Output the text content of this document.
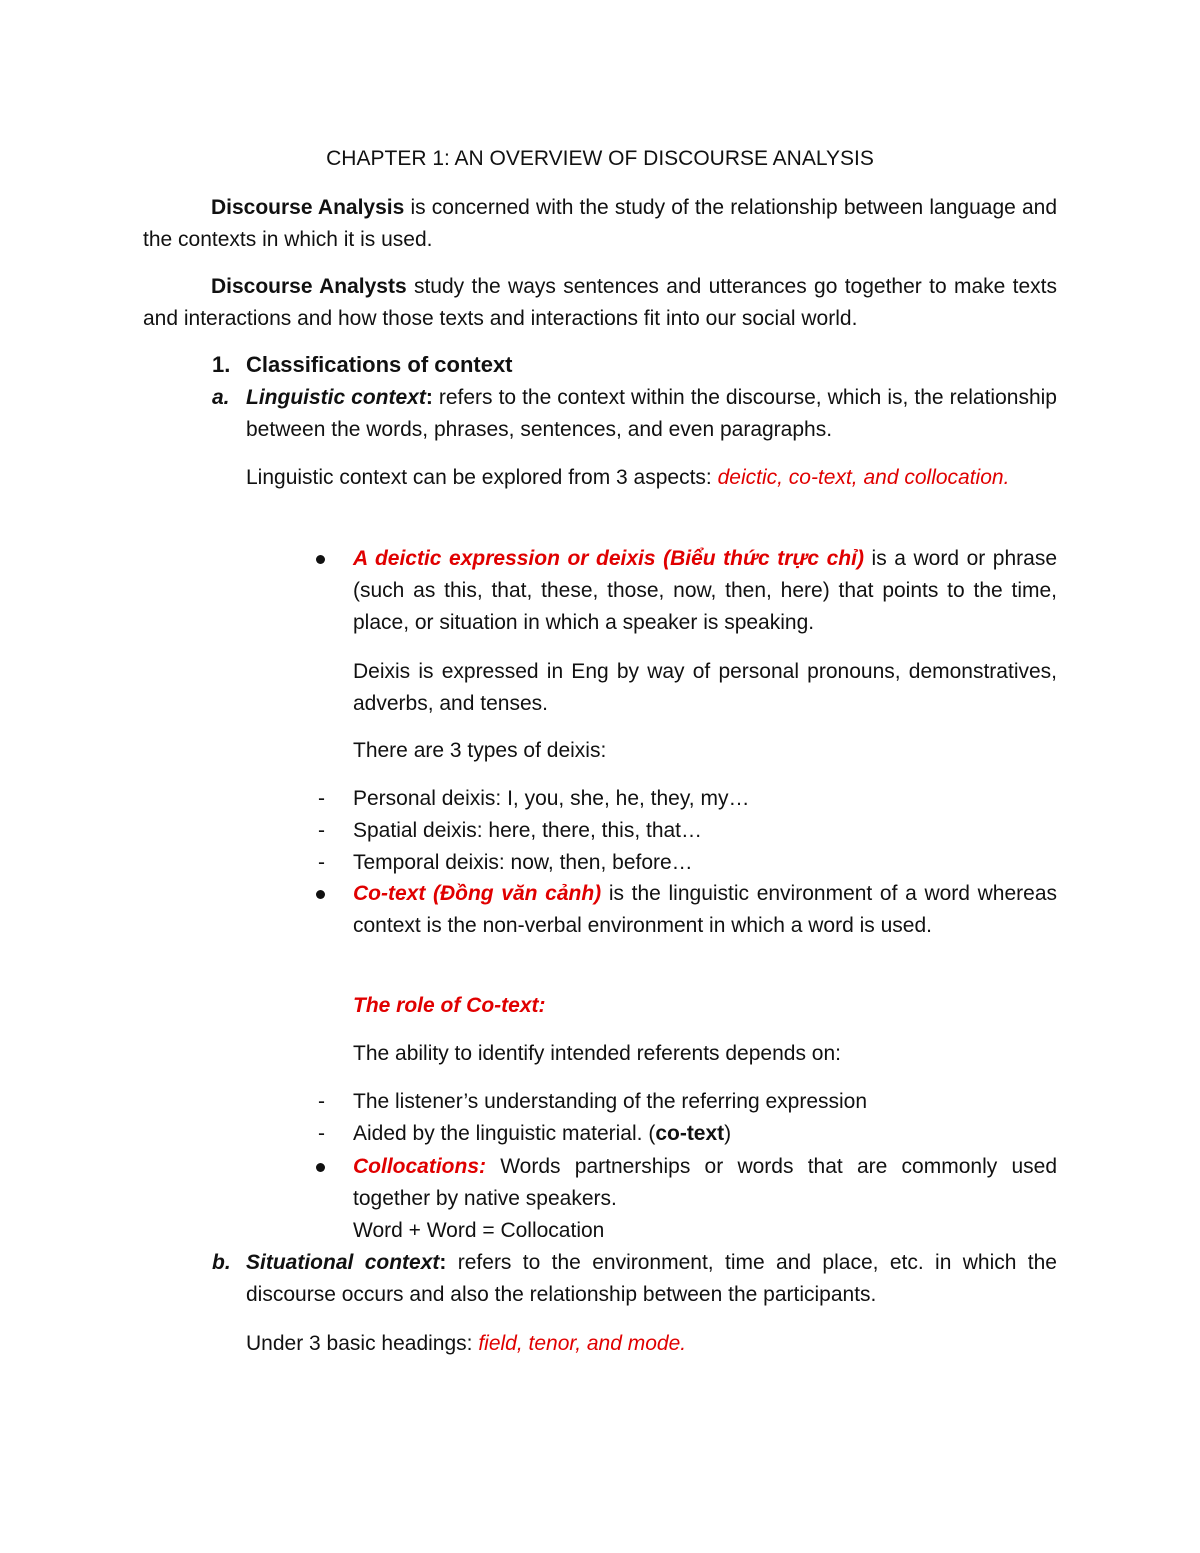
CHAPTER 1: AN OVERVIEW OF DISCOURSE ANALYSIS
Discourse Analysis is concerned with the study of the relationship between language and the contexts in which it is used.
Discourse Analysts study the ways sentences and utterances go together to make texts and interactions and how those texts and interactions fit into our social world.
1. Classifications of context
a. Linguistic context: refers to the context within the discourse, which is, the relationship between the words, phrases, sentences, and even paragraphs.
Linguistic context can be explored from 3 aspects: deictic, co-text, and collocation.
A deictic expression or deixis (Biểu thức trực chỉ) is a word or phrase (such as this, that, these, those, now, then, here) that points to the time, place, or situation in which a speaker is speaking.
Deixis is expressed in Eng by way of personal pronouns, demonstratives, adverbs, and tenses.
There are 3 types of deixis:
- Personal deixis: I, you, she, he, they, my…
- Spatial deixis: here, there, this, that…
- Temporal deixis: now, then, before…
Co-text (Đồng văn cảnh) is the linguistic environment of a word whereas context is the non-verbal environment in which a word is used.
The role of Co-text:
The ability to identify intended referents depends on:
- The listener’s understanding of the referring expression
- Aided by the linguistic material. (co-text)
Collocations: Words partnerships or words that are commonly used together by native speakers.
Word + Word = Collocation
b. Situational context: refers to the environment, time and place, etc. in which the discourse occurs and also the relationship between the participants.
Under 3 basic headings: field, tenor, and mode.
